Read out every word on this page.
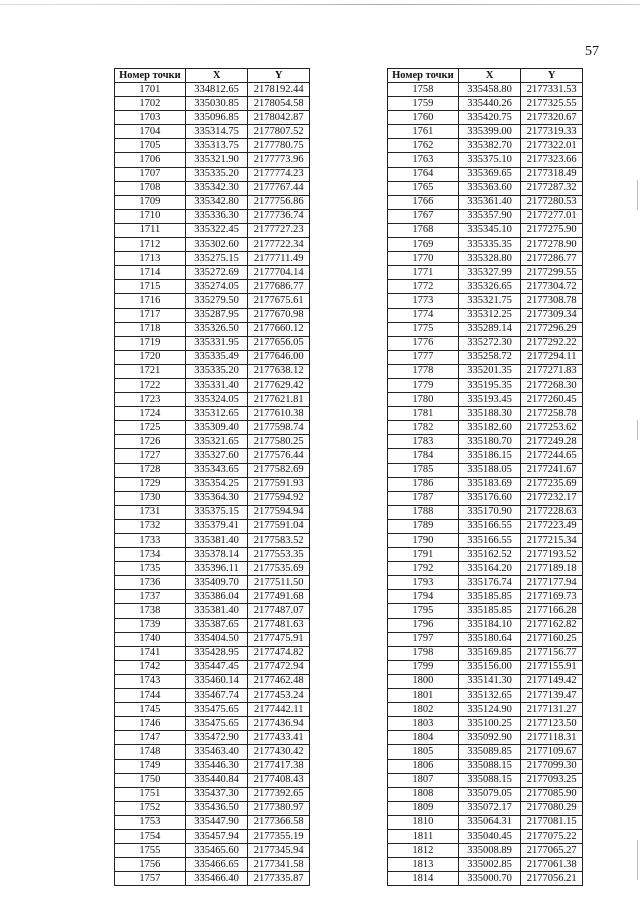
57
Номер точки	X	Y
1701	334812.65	2178192.44
1702	335030.85	2178054.58
1703	335096.85	2178042.87
1704	335314.75	2177807.52
1705	335313.75	2177780.75
1706	335321.90	2177773.96
1707	335335.20	2177774.23
1708	335342.30	2177767.44
1709	335342.80	2177756.86
1710	335336.30	2177736.74
1711	335322.45	2177727.23
1712	335302.60	2177722.34
1713	335275.15	2177711.49
1714	335272.69	2177704.14
1715	335274.05	2177686.77
1716	335279.50	2177675.61
1717	335287.95	2177670.98
1718	335326.50	2177660.12
1719	335331.95	2177656.05
1720	335335.49	2177646.00
1721	335335.20	2177638.12
1722	335331.40	2177629.42
1723	335324.05	2177621.81
1724	335312.65	2177610.38
1725	335309.40	2177598.74
1726	335321.65	2177580.25
1727	335327.60	2177576.44
1728	335343.65	2177582.69
1729	335354.25	2177591.93
1730	335364.30	2177594.92
1731	335375.15	2177594.94
1732	335379.41	2177591.04
1733	335381.40	2177583.52
1734	335378.14	2177553.35
1735	335396.11	2177535.69
1736	335409.70	2177511.50
1737	335386.04	2177491.68
1738	335381.40	2177487.07
1739	335387.65	2177481.63
1740	335404.50	2177475.91
1741	335428.95	2177474.82
1742	335447.45	2177472.94
1743	335460.14	2177462.48
1744	335467.74	2177453.24
1745	335475.65	2177442.11
1746	335475.65	2177436.94
1747	335472.90	2177433.41
1748	335463.40	2177430.42
1749	335446.30	2177417.38
1750	335440.84	2177408.43
1751	335437.30	2177392.65
1752	335436.50	2177380.97
1753	335447.90	2177366.58
1754	335457.94	2177355.19
1755	335465.60	2177345.94
1756	335466.65	2177341.58
1757	335466.40	2177335.87
Номер точки	X	Y
1758	335458.80	2177331.53
1759	335440.26	2177325.55
1760	335420.75	2177320.67
1761	335399.00	2177319.33
1762	335382.70	2177322.01
1763	335375.10	2177323.66
1764	335369.65	2177318.49
1765	335363.60	2177287.32
1766	335361.40	2177280.53
1767	335357.90	2177277.01
1768	335345.10	2177275.90
1769	335335.35	2177278.90
1770	335328.80	2177286.77
1771	335327.99	2177299.55
1772	335326.65	2177304.72
1773	335321.75	2177308.78
1774	335312.25	2177309.34
1775	335289.14	2177296.29
1776	335272.30	2177292.22
1777	335258.72	2177294.11
1778	335201.35	2177271.83
1779	335195.35	2177268.30
1780	335193.45	2177260.45
1781	335188.30	2177258.78
1782	335182.60	2177253.62
1783	335180.70	2177249.28
1784	335186.15	2177244.65
1785	335188.05	2177241.67
1786	335183.69	2177235.69
1787	335176.60	2177232.17
1788	335170.90	2177228.63
1789	335166.55	2177223.49
1790	335166.55	2177215.34
1791	335162.52	2177193.52
1792	335164.20	2177189.18
1793	335176.74	2177177.94
1794	335185.85	2177169.73
1795	335185.85	2177166.28
1796	335184.10	2177162.82
1797	335180.64	2177160.25
1798	335169.85	2177156.77
1799	335156.00	2177155.91
1800	335141.30	2177149.42
1801	335132.65	2177139.47
1802	335124.90	2177131.27
1803	335100.25	2177123.50
1804	335092.90	2177118.31
1805	335089.85	2177109.67
1806	335088.15	2177099.30
1807	335088.15	2177093.25
1808	335079.05	2177085.90
1809	335072.17	2177080.29
1810	335064.31	2177081.15
1811	335040.45	2177075.22
1812	335008.89	2177065.27
1813	335002.85	2177061.38
1814	335000.70	2177056.21
